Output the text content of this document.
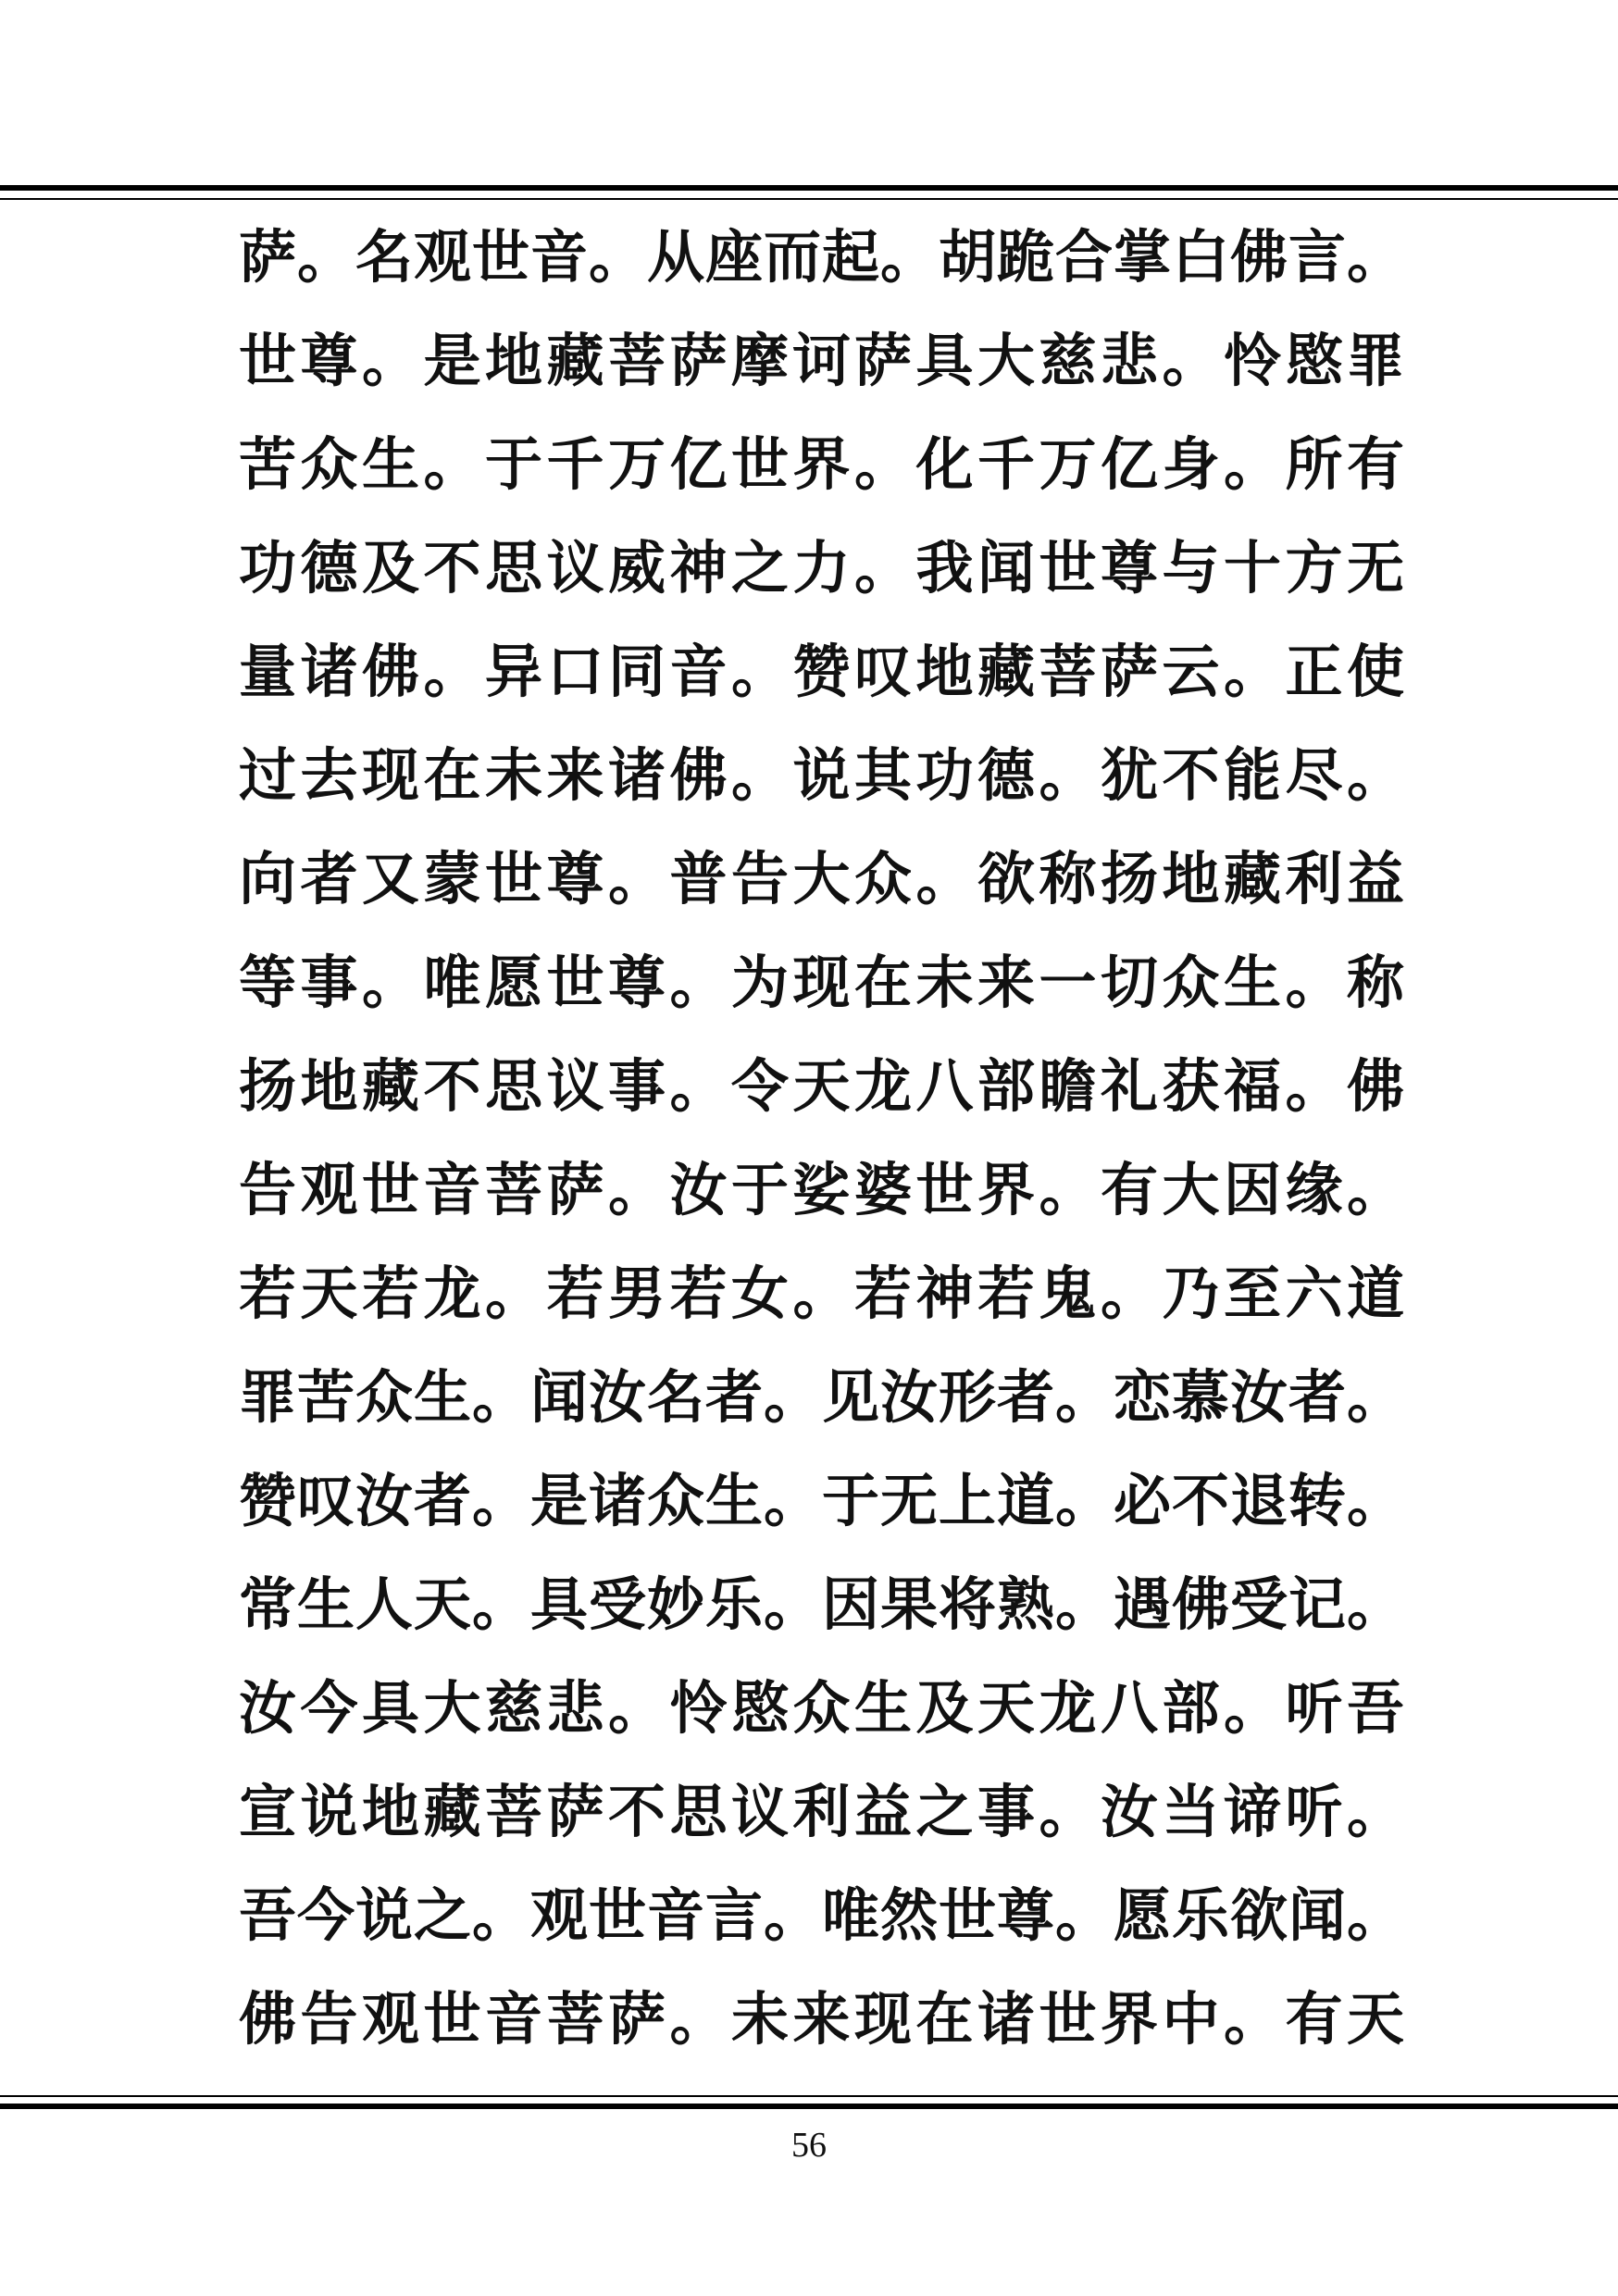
萨。名观世音。从座而起。胡跪合掌白佛言。
世尊。是地藏菩萨摩诃萨具大慈悲。怜愍罪
苦众生。于千万亿世界。化千万亿身。所有
功德及不思议威神之力。我闻世尊与十方无
量诸佛。异口同音。赞叹地藏菩萨云。正使
过去现在未来诸佛。说其功德。犹不能尽。
向者又蒙世尊。普告大众。欲称扬地藏利益
等事。唯愿世尊。为现在未来一切众生。称
扬地藏不思议事。令天龙八部瞻礼获福。佛
告观世音菩萨。汝于娑婆世界。有大因缘。
若天若龙。若男若女。若神若鬼。乃至六道
罪苦众生。闻汝名者。见汝形者。恋慕汝者。
赞叹汝者。是诸众生。于无上道。必不退转。
常生人天。具受妙乐。因果将熟。遇佛受记。
汝今具大慈悲。怜愍众生及天龙八部。听吾
宣说地藏菩萨不思议利益之事。汝当谛听。
吾今说之。观世音言。唯然世尊。愿乐欲闻。
佛告观世音菩萨。未来现在诸世界中。有天
56
